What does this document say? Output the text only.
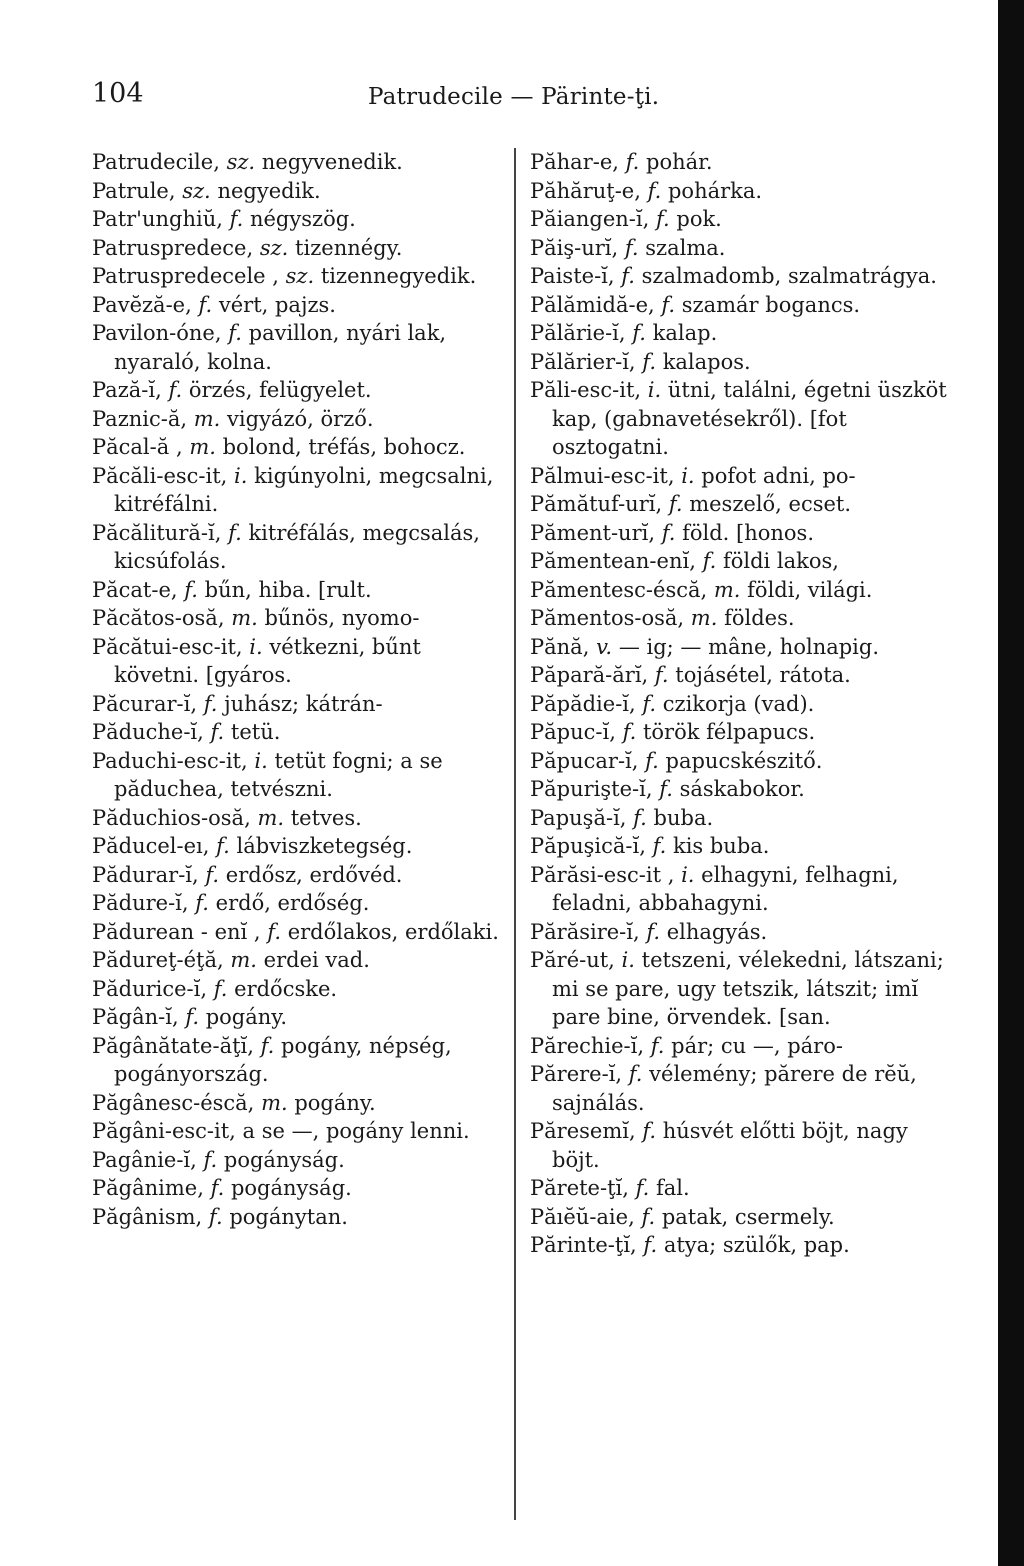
104	Patrudecile — Pärinte-ţi.

Patrudecile, sz. negyvenedik.

Patrule, sz. negyedik.

Patr'unghiŭ, f. négyszög.

Patruspredece, sz. tizennégy.

Patruspredecele , sz. tizennegyedik.

Pavĕză-e, f. vért, pajzs.

Pavilon-óne, f. pavillon, nyári lak, nyaraló, kolna.

Pază-ĭ, f. örzés, felügyelet.

Paznic-ă, m. vigyázó, örző.

Păcal-ă , m. bolond, tréfás, bohocz.

Păcăli-esc-it, i. kigúnyolni, megcsalni, kitréfálni.

Păcălitură-ĭ, f. kitréfálás, megcsalás, kicsúfolás.

Păcat-e, f. bűn, hiba. [rult.

Păcătos-osă, m. bűnös, nyomo-

Păcătui-esc-it, i. vétkezni, bűnt követni. [gyáros.

Păcurar-ĭ, f. juhász; kátrán-

Păduche-ĭ, f. tetü.

Paduchi-esc-it, i. tetüt fogni; a se păduchea, tetvészni.

Păduchios-osă, m. tetves.

Păducel-eı, f. lábviszketegség.

Pădurar-ĭ, f. erdősz, erdővéd.

Pădure-ĭ, f. erdő, erdőség.

Pădurean - enĭ , f. erdőlakos, erdőlaki.

Pădureţ-éţă, m. erdei vad.

Pădurice-ĭ, f. erdőcske.

Păgân-ĭ, f. pogány.

Păgânătate-ăţĭ, f. pogány, népség, pogányország.

Păgânesc-éscă, m. pogány.

Păgâni-esc-it, a se —, pogány lenni.

Pagânie-ĭ, f. pogányság.

Păgânime, f. pogányság.

Păgânism, f. pogánytan.

Păhar-e, f. pohár.

Păhăruţ-e, f. pohárka.

Păiangen-ĭ, f. pok.

Păiş-urĭ, f. szalma.

Paiste-ĭ, f. szalmadomb, szalmatrágya.

Pălămidă-e, f. szamár bogancs.

Pălărie-ĭ, f. kalap.

Pălărier-ĭ, f. kalapos.

Păli-esc-it, i. ütni, találni, égetni üszköt kap, (gabnavetésekről). [fot osztogatni.

Pălmui-esc-it, i. pofot adni, po-

Pămătuf-urĭ, f. meszelő, ecset.

Păment-urĭ, f. föld. [honos.

Pămentean-enĭ, f. földi lakos,

Pămentesc-éscă, m. földi, világi.

Pămentos-osă, m. földes.

Pănă, v. — ig; — mâne, holnapig.

Păpară-ărĭ, f. tojásétel, rátota.

Păpădie-ĭ, f. czikorja (vad).

Păpuc-ĭ, f. török félpapucs.

Păpucar-ĭ, f. papucskészitő.

Păpurişte-ĭ, f. sáskabokor.

Papuşă-ĭ, f. buba.

Păpuşică-ĭ, f. kis buba.

Părăsi-esc-it , i. elhagyni, felhagni, feladni, abbahagyni.

Părăsire-ĭ, f. elhagyás.

Păré-ut, i. tetszeni, vélekedni, látszani; mi se pare, ugy tetszik, látszit; imĭ pare bine, örvendek. [san.

Părechie-ĭ, f. pár; cu —, páro-

Părere-ĭ, f. vélemény; părere de rĕŭ, sajnálás.

Păresemĭ, f. húsvét előtti böjt, nagy böjt.

Părete-ţĭ, f. fal.

Păıĕŭ-aie, f. patak, csermely.

Părinte-ţĭ, f. atya; szülők, pap.
